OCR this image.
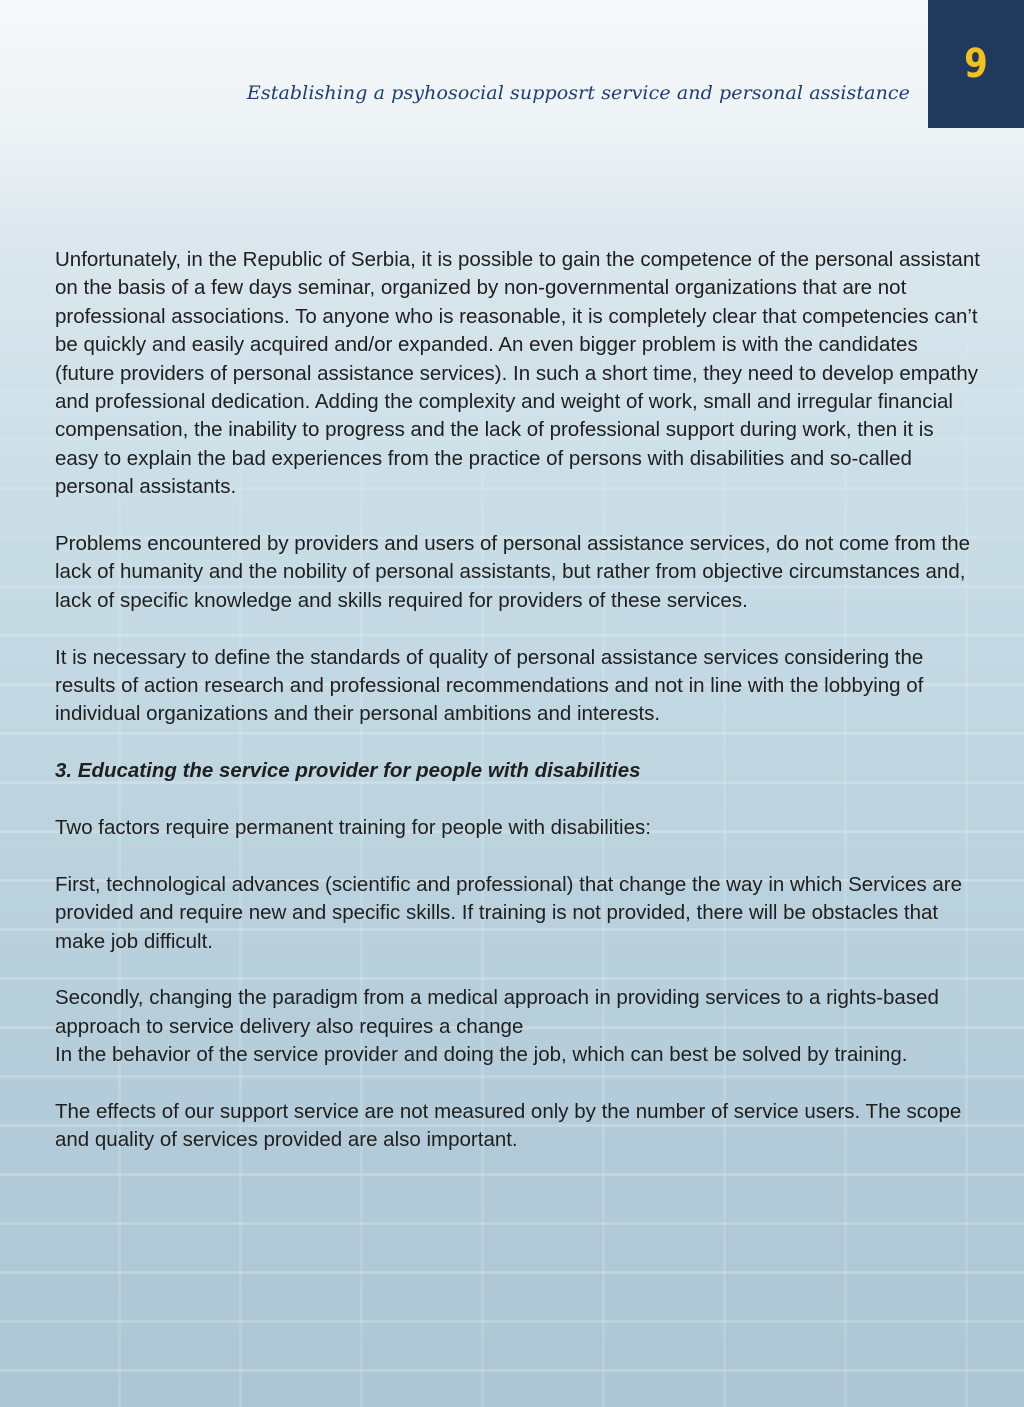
Establishing a psyhosocial supposrt service and personal assistance
9

Unfortunately, in the Republic of Serbia, it is possible to gain the competence of the personal assistant on the basis of a few days seminar, organized by non-governmental organizations that are not professional associations. To anyone who is reasonable, it is completely clear that competencies can’t be quickly and easily acquired and/or expanded. An even bigger problem is with the candidates (future providers of personal assistance services). In such a short time, they need to develop empathy and professional dedication. Adding the complexity and weight of work, small and irregular financial compensation, the inability to progress and the lack of professional support during work, then it is easy to explain the bad experiences from the practice of persons with disabilities and so-called personal assistants.

Problems encountered by providers and users of personal assistance services, do not come from the lack of humanity and the nobility of personal assistants, but rather from objective circumstances and, lack of specific knowledge and skills required for providers of these services.

It is necessary to define the standards of quality of personal assistance services considering the results of action research and professional recommendations and not in line with the lobbying of individual organizations and their personal ambitions and interests.

3. Educating the service provider for people with disabilities

Two factors require permanent training for people with disabilities:

First, technological advances (scientific and professional) that change the way in which Services are provided and require new and specific skills. If training is not provided, there will be obstacles that make job difficult.

Secondly, changing the paradigm from a medical approach in providing services to a rights-based approach to service delivery also requires a change
In the behavior of the service provider and doing the job, which can best be solved by training.

The effects of our support service are not measured only by the number of service users. The scope and quality of services provided are also important.
